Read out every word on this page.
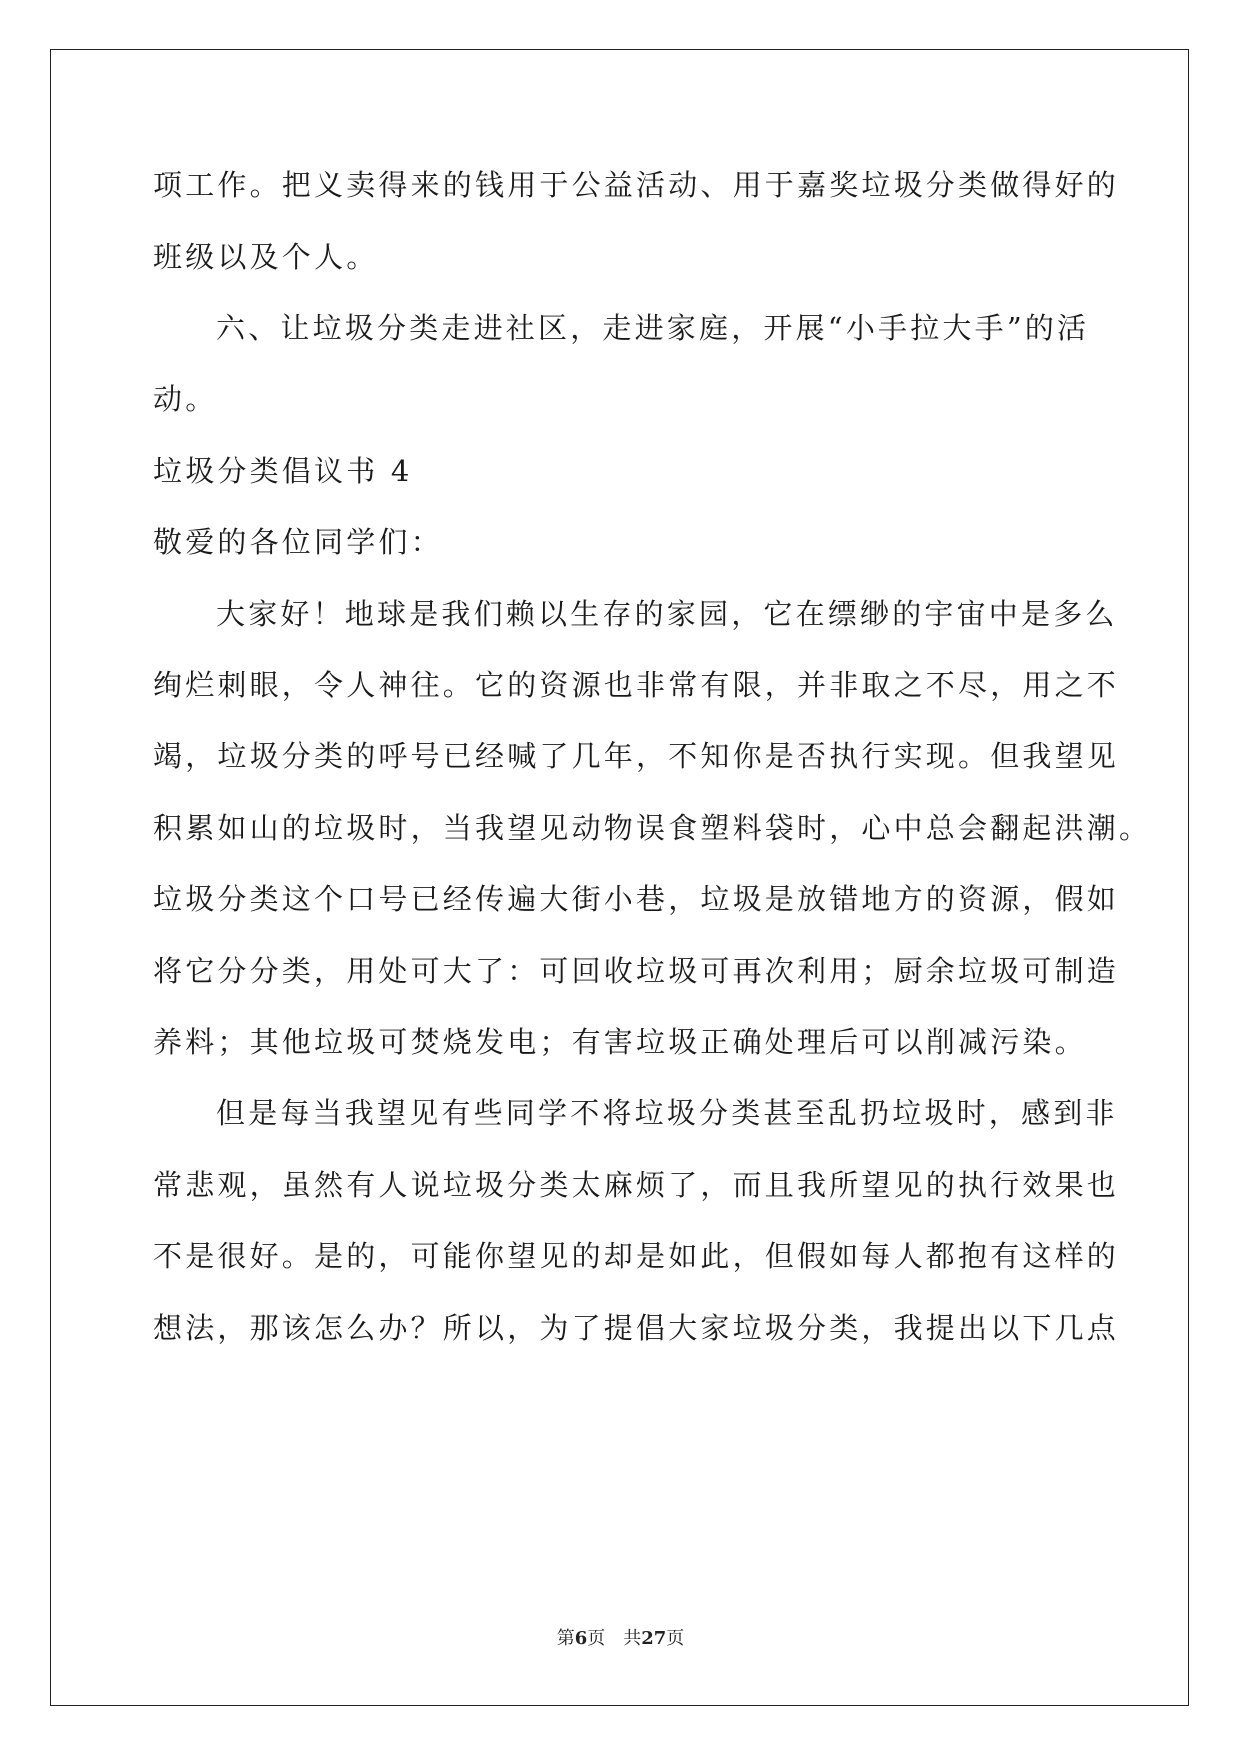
项工作。把义卖得来的钱用于公益活动、用于嘉奖垃圾分类做得好的
班级以及个人。
六、让垃圾分类走进社区，走进家庭，开展“小手拉大手”的活
动。
垃圾分类倡议书 4
敬爱的各位同学们：
大家好！地球是我们赖以生存的家园，它在缥缈的宇宙中是多么
绚烂刺眼，令人神往。它的资源也非常有限，并非取之不尽，用之不
竭，垃圾分类的呼号已经喊了几年，不知你是否执行实现。但我望见
积累如山的垃圾时，当我望见动物误食塑料袋时，心中总会翻起洪潮。
垃圾分类这个口号已经传遍大街小巷，垃圾是放错地方的资源，假如
将它分分类，用处可大了：可回收垃圾可再次利用；厨余垃圾可制造
养料；其他垃圾可焚烧发电；有害垃圾正确处理后可以削减污染。
但是每当我望见有些同学不将垃圾分类甚至乱扔垃圾时，感到非
常悲观，虽然有人说垃圾分类太麻烦了，而且我所望见的执行效果也
不是很好。是的，可能你望见的却是如此，但假如每人都抱有这样的
想法，那该怎么办？所以，为了提倡大家垃圾分类，我提出以下几点
第6页　共27页
